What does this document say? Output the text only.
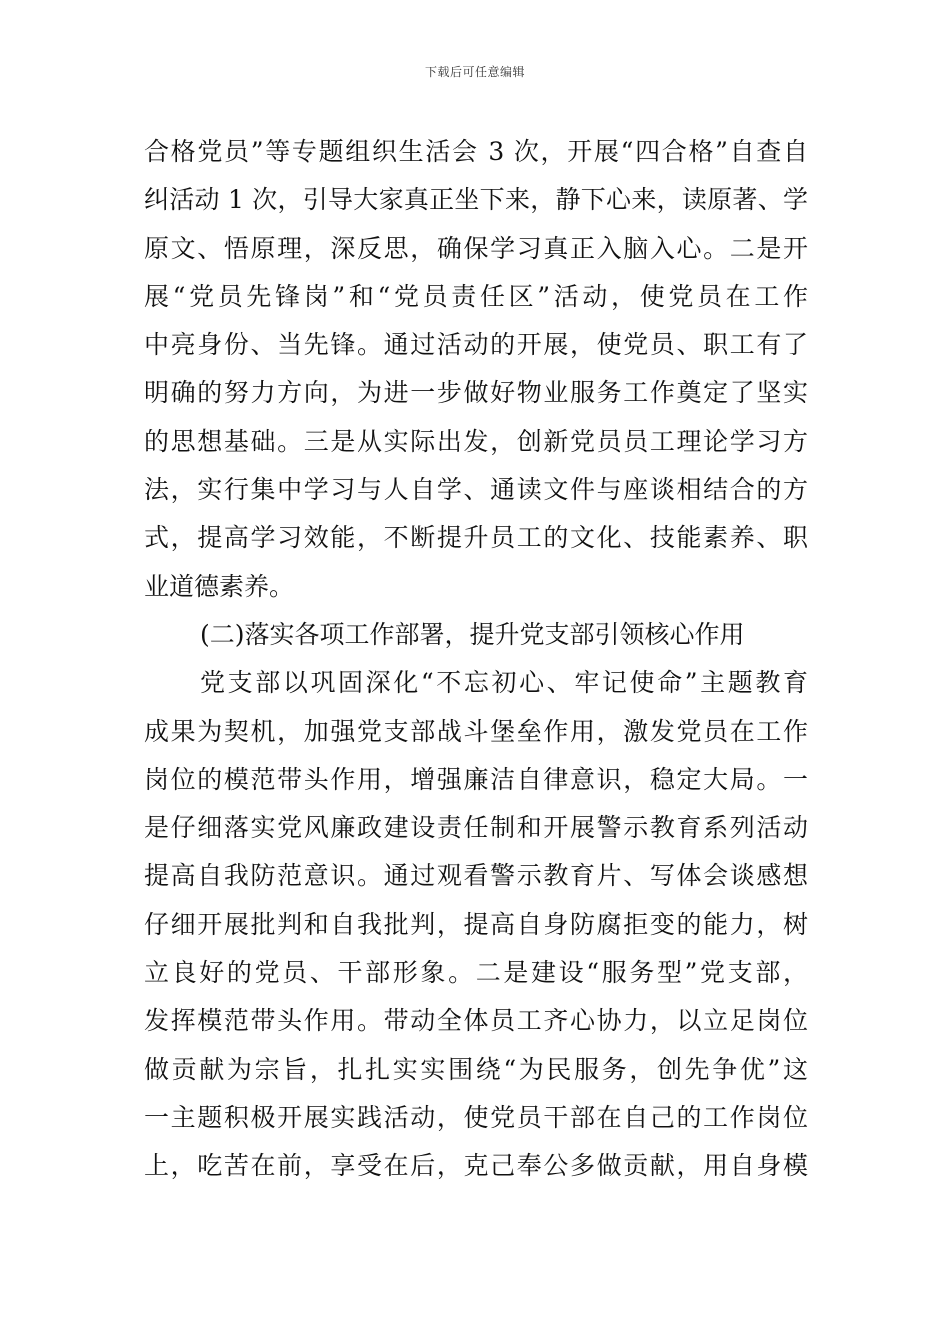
下载后可任意编辑
合格党员”等专题组织生活会 3 次，开展“四合格”自查自
纠活动 1 次，引导大家真正坐下来，静下心来，读原著、学
原文、悟原理，深反思，确保学习真正入脑入心。二是开
展“党员先锋岗”和“党员责任区”活动，使党员在工作
中亮身份、当先锋。通过活动的开展，使党员、职工有了
明确的努力方向，为进一步做好物业服务工作奠定了坚实
的思想基础。三是从实际出发，创新党员员工理论学习方
法，实行集中学习与人自学、通读文件与座谈相结合的方
式，提高学习效能，不断提升员工的文化、技能素养、职
业道德素养。
(二)落实各项工作部署，提升党支部引领核心作用
党支部以巩固深化“不忘初心、牢记使命”主题教育
成果为契机，加强党支部战斗堡垒作用，激发党员在工作
岗位的模范带头作用，增强廉洁自律意识，稳定大局。一
是仔细落实党风廉政建设责任制和开展警示教育系列活动
提高自我防范意识。通过观看警示教育片、写体会谈感想
仔细开展批判和自我批判，提高自身防腐拒变的能力，树
立良好的党员、干部形象。二是建设“服务型”党支部，
发挥模范带头作用。带动全体员工齐心协力，以立足岗位
做贡献为宗旨，扎扎实实围绕“为民服务，创先争优”这
一主题积极开展实践活动，使党员干部在自己的工作岗位
上，吃苦在前，享受在后，克己奉公多做贡献，用自身模
